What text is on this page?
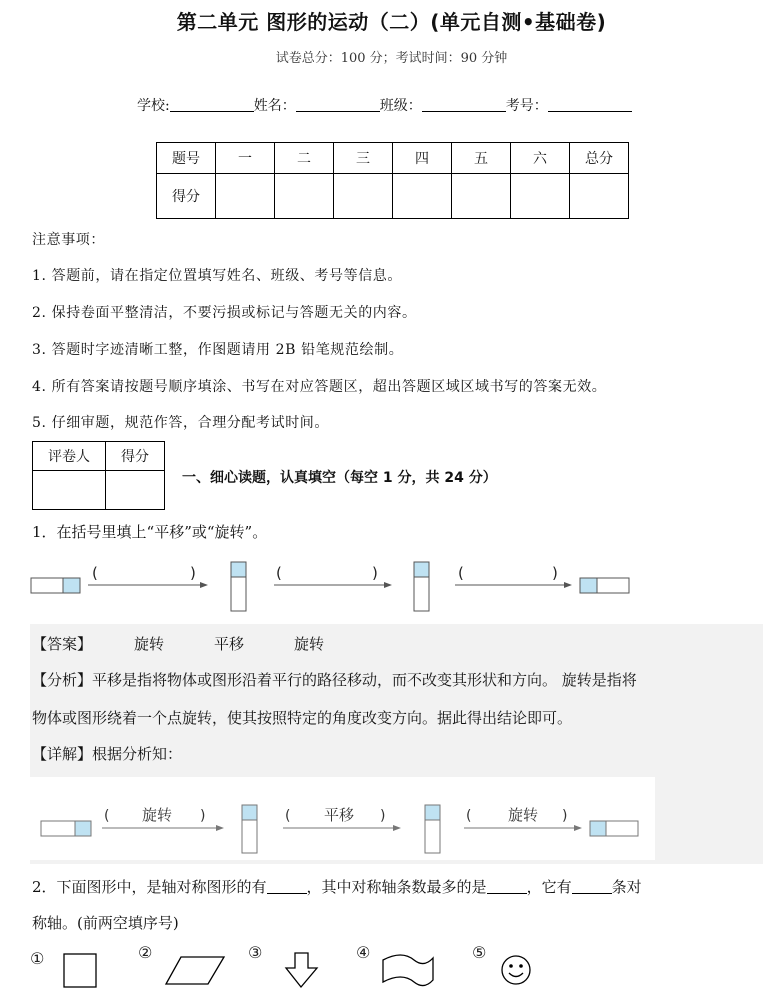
第二单元 图形的运动（二）(单元自测•基础卷)
试卷总分：100 分；考试时间：90 分钟
学校:	姓名：	班级：	考号：
题号	一	二	三	四	五	六	总分
得分							
注意事项：
1. 答题前，请在指定位置填写姓名、班级、考号等信息。
2. 保持卷面平整清洁，不要污损或标记与答题无关的内容。
3. 答题时字迹清晰工整，作图题请用 2B 铅笔规范绘制。
4. 所有答案请按题号顺序填涂、书写在对应答题区，超出答题区域区域书写的答案无效。
5. 仔细审题，规范作答，合理分配考试时间。
评卷人	得分

一、细心读题，认真填空（每空 1 分，共 24 分）
1．在括号里填上“平移”或“旋转”。
(	)	(	)	(	)
【答案】	旋转	平移	旋转
【分析】平移是指将物体或图形沿着平行的路径移动，而不改变其形状和方向。 旋转是指将
物体或图形绕着一个点旋转，使其按照特定的角度改变方向。据此得出结论即可。
【详解】根据分析知：
( 旋转 )	( 平移 )	( 旋转 )
2．下面图形中，是轴对称图形的有	，其中对称轴条数最多的是	，它有	条对
称轴。(前两空填序号)
①	②	③	④	⑤
